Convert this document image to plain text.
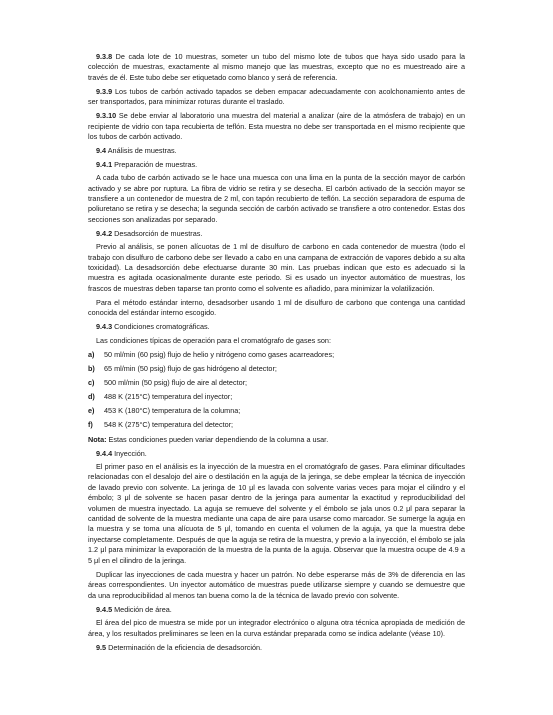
9.3.8 De cada lote de 10 muestras, someter un tubo del mismo lote de tubos que haya sido usado para la colección de muestras, exactamente al mismo manejo que las muestras, excepto que no es muestreado aire a través de él. Este tubo debe ser etiquetado como blanco y será de referencia.

9.3.9 Los tubos de carbón activado tapados se deben empacar adecuadamente con acolchonamiento antes de ser transportados, para minimizar roturas durante el traslado.

9.3.10 Se debe enviar al laboratorio una muestra del material a analizar (aire de la atmósfera de trabajo) en un recipiente de vidrio con tapa recubierta de teflón. Esta muestra no debe ser transportada en el mismo recipiente que los tubos de carbón activado.

9.4 Análisis de muestras.

9.4.1 Preparación de muestras.

A cada tubo de carbón activado se le hace una muesca con una lima en la punta de la sección mayor de carbón activado y se abre por ruptura. La fibra de vidrio se retira y se desecha. El carbón activado de la sección mayor se transfiere a un contenedor de muestra de 2 ml, con tapón recubierto de teflón. La sección separadora de espuma de poliuretano se retira y se desecha; la segunda sección de carbón activado se transfiere a otro contenedor. Estas dos secciones son analizadas por separado.

9.4.2 Desadsorción de muestras.

Previo al análisis, se ponen alícuotas de 1 ml de disulfuro de carbono en cada contenedor de muestra (todo el trabajo con disulfuro de carbono debe ser llevado a cabo en una campana de extracción de vapores debido a su alta toxicidad). La desadsorción debe efectuarse durante 30 min. Las pruebas indican que esto es adecuado si la muestra es agitada ocasionalmente durante este periodo. Si es usado un inyector automático de muestras, los frascos de muestras deben taparse tan pronto como el solvente es añadido, para minimizar la volatilización.

Para el método estándar interno, desadsorber usando 1 ml de disulfuro de carbono que contenga una cantidad conocida del estándar interno escogido.

9.4.3 Condiciones cromatográficas.

Las condiciones típicas de operación para el cromatógrafo de gases son:

a)	50 ml/min (60 psig) flujo de helio y nitrógeno como gases acarreadores;
b)	65 ml/min (50 psig) flujo de gas hidrógeno al detector;
c)	500 ml/min (50 psig) flujo de aire al detector;
d)	488 K (215°C) temperatura del inyector;
e)	453 K (180°C) temperatura de la columna;
f)	548 K (275°C) temperatura del detector;

Nota: Estas condiciones pueden variar dependiendo de la columna a usar.

9.4.4 Inyección.

El primer paso en el análisis es la inyección de la muestra en el cromatógrafo de gases. Para eliminar dificultades relacionadas con el desalojo del aire o destilación en la aguja de la jeringa, se debe emplear la técnica de inyección de lavado previo con solvente. La jeringa de 10 μl es lavada con solvente varias veces para mojar el cilindro y el émbolo; 3 μl de solvente se hacen pasar dentro de la jeringa para aumentar la exactitud y reproducibilidad del volumen de muestra inyectado. La aguja se remueve del solvente y el émbolo se jala unos 0.2 μl para separar la cantidad de solvente de la muestra mediante una capa de aire para usarse como marcador. Se sumerge la aguja en la muestra y se toma una alícuota de 5 μl, tomando en cuenta el volumen de la aguja, ya que la muestra debe inyectarse completamente. Después de que la aguja se retira de la muestra, y previo a la inyección, el émbolo se jala 1.2 μl para minimizar la evaporación de la muestra de la punta de la aguja. Observar que la muestra ocupe de 4.9 a 5 μl en el cilindro de la jeringa.

Duplicar las inyecciones de cada muestra y hacer un patrón. No debe esperarse más de 3% de diferencia en las áreas correspondientes. Un inyector automático de muestras puede utilizarse siempre y cuando se demuestre que da una reproducibilidad al menos tan buena como la de la técnica de lavado previo con solvente.

9.4.5 Medición de área.

El área del pico de muestra se mide por un integrador electrónico o alguna otra técnica apropiada de medición de área, y los resultados preliminares se leen en la curva estándar preparada como se indica adelante (véase 10).

9.5 Determinación de la eficiencia de desadsorción.
